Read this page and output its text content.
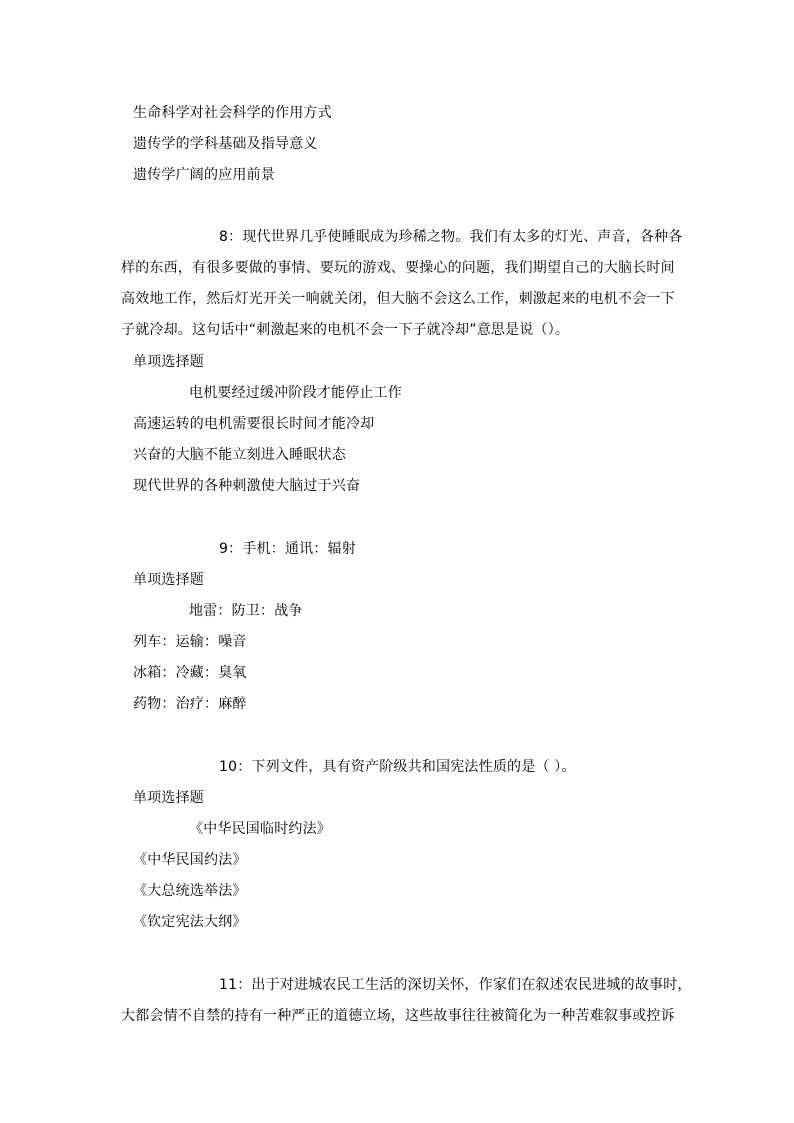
生命科学对社会科学的作用方式
遗传学的学科基础及指导意义
遗传学广阔的应用前景
8：现代世界几乎使睡眠成为珍稀之物。我们有太多的灯光、声音，各种各
样的东西，有很多要做的事情、要玩的游戏、要操心的问题，我们期望自己的大脑长时间
高效地工作，然后灯光开关一响就关闭，但大脑不会这么工作，刺激起来的电机不会一下
子就冷却。这句话中“刺激起来的电机不会一下子就冷却”意思是说（）。
单项选择题
电机要经过缓冲阶段才能停止工作
高速运转的电机需要很长时间才能冷却
兴奋的大脑不能立刻进入睡眠状态
现代世界的各种刺激使大脑过于兴奋
9：手机：通讯：辐射
单项选择题
地雷：防卫：战争
列车：运输：噪音
冰箱：冷藏：臭氧
药物：治疗：麻醉
10：下列文件，具有资产阶级共和国宪法性质的是（ ）。
单项选择题
《中华民国临时约法》
《中华民国约法》
《大总统选举法》
《钦定宪法大纲》
11：出于对进城农民工生活的深切关怀，作家们在叙述农民进城的故事时，
大都会情不自禁的持有一种严正的道德立场，这些故事往往被简化为一种苦难叙事或控诉
